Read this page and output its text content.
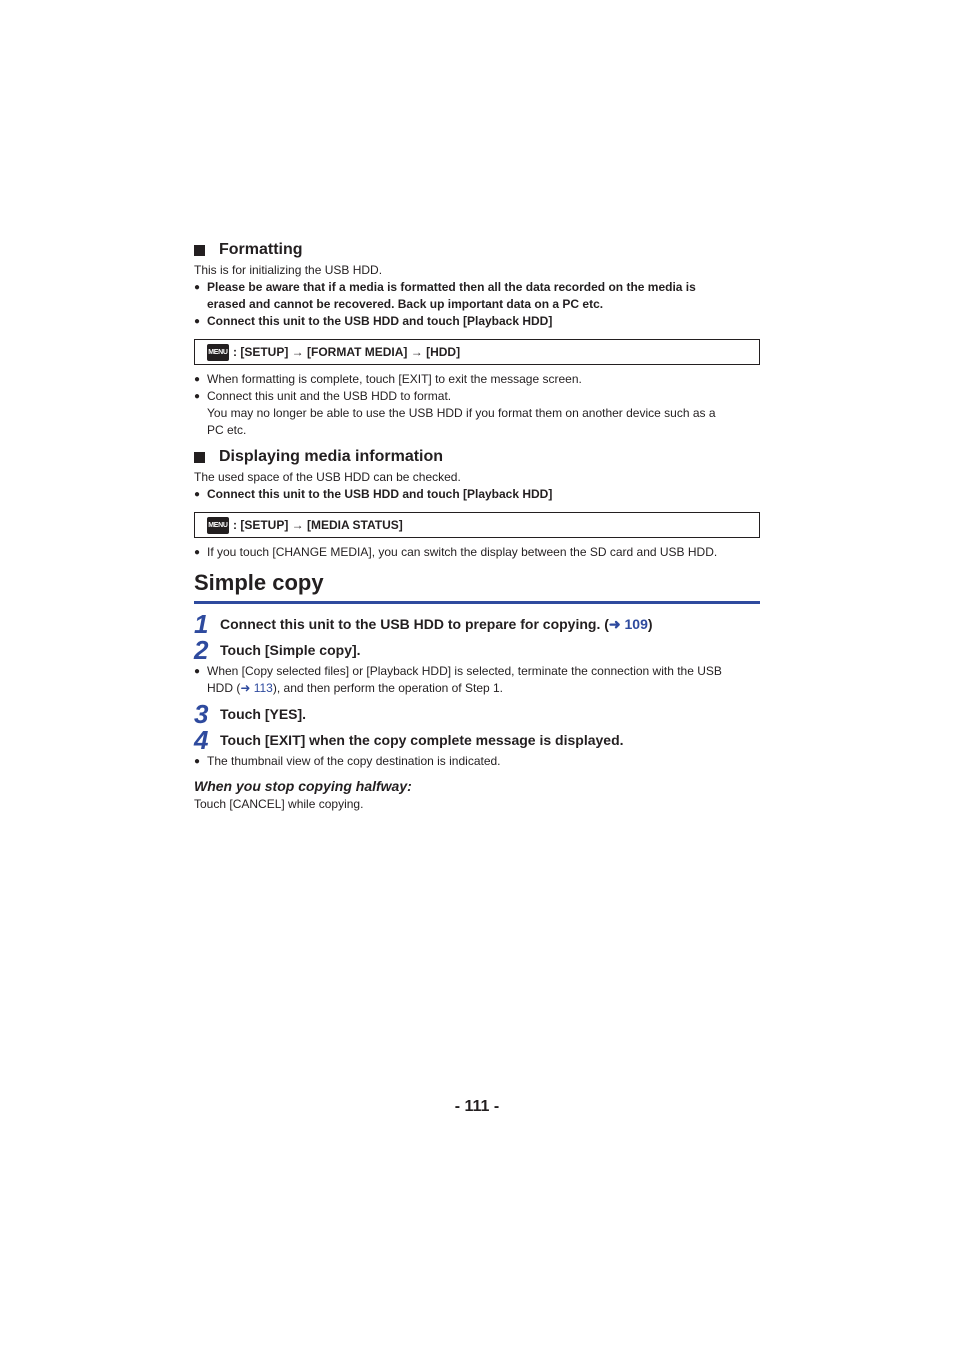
Formatting
This is for initializing the USB HDD.
● Please be aware that if a media is formatted then all the data recorded on the media is
erased and cannot be recovered. Back up important data on a PC etc.
● Connect this unit to the USB HDD and touch [Playback HDD]
MENU : [SETUP] → [FORMAT MEDIA] → [HDD]
● When formatting is complete, touch [EXIT] to exit the message screen.
● Connect this unit and the USB HDD to format.
You may no longer be able to use the USB HDD if you format them on another device such as a
PC etc.
Displaying media information
The used space of the USB HDD can be checked.
● Connect this unit to the USB HDD and touch [Playback HDD]
MENU : [SETUP] → [MEDIA STATUS]
● If you touch [CHANGE MEDIA], you can switch the display between the SD card and USB HDD.
Simple copy
1 Connect this unit to the USB HDD to prepare for copying. (➜ 109)
2 Touch [Simple copy].
● When [Copy selected files] or [Playback HDD] is selected, terminate the connection with the USB
HDD (➜ 113), and then perform the operation of Step 1.
3 Touch [YES].
4 Touch [EXIT] when the copy complete message is displayed.
● The thumbnail view of the copy destination is indicated.
When you stop copying halfway:
Touch [CANCEL] while copying.
- 111 -
